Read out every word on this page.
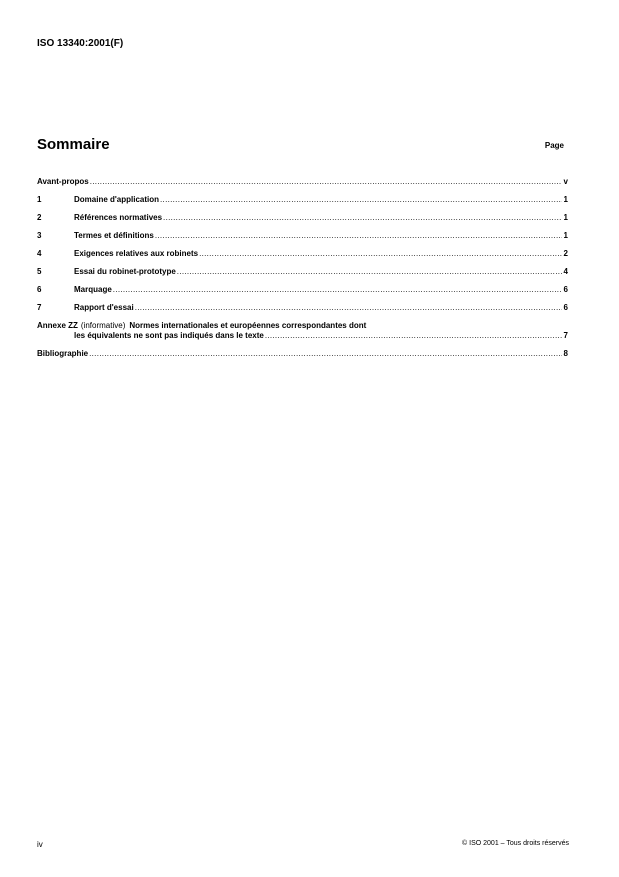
ISO 13340:2001(F)
Sommaire	Page
Avant-propos .....	v
1	Domaine d'application .....	1
2	Références normatives .....	1
3	Termes et définitions .....	1
4	Exigences relatives aux robinets .....	2
5	Essai du robinet-prototype .....	4
6	Marquage .....	6
7	Rapport d'essai .....	6
Annexe ZZ (informative) Normes internationales et européennes correspondantes dont
les équivalents ne sont pas indiqués dans le texte .....	7
Bibliographie .....	8
iv	© ISO 2001 – Tous droits réservés
